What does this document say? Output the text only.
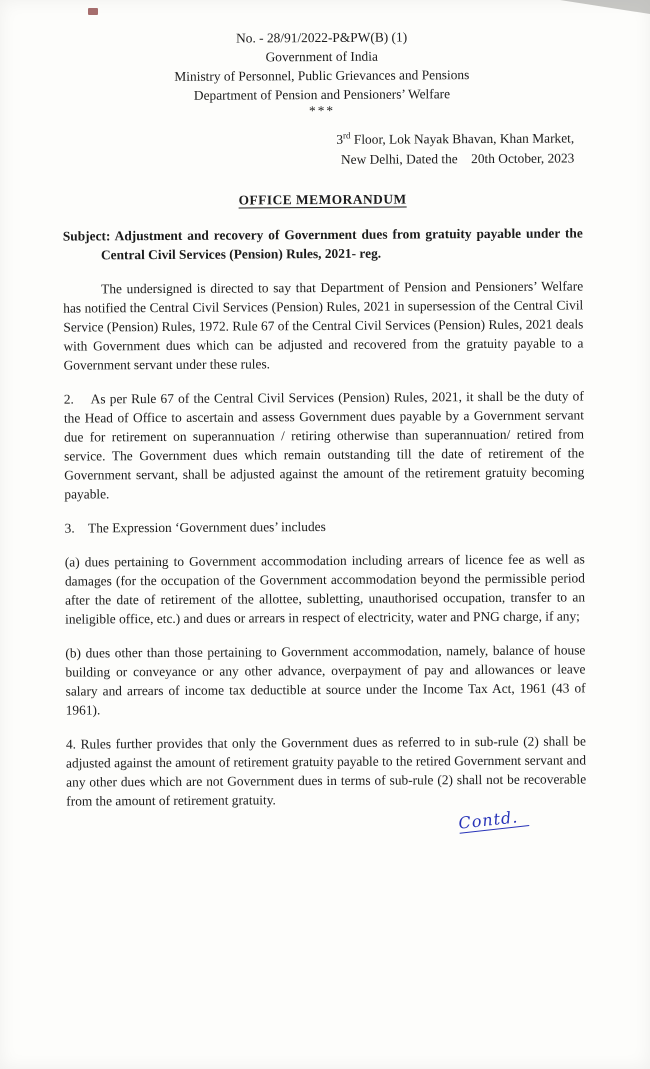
No. - 28/91/2022-P&PW(B) (1)
Government of India
Ministry of Personnel, Public Grievances and Pensions
Department of Pension and Pensioners’ Welfare
***
3rd Floor, Lok Nayak Bhavan, Khan Market,
New Delhi, Dated the 20th October, 2023
OFFICE MEMORANDUM
Subject: Adjustment and recovery of Government dues from gratuity payable under the Central Civil Services (Pension) Rules, 2021- reg.
The undersigned is directed to say that Department of Pension and Pensioners’ Welfare has notified the Central Civil Services (Pension) Rules, 2021 in supersession of the Central Civil Service (Pension) Rules, 1972. Rule 67 of the Central Civil Services (Pension) Rules, 2021 deals with Government dues which can be adjusted and recovered from the gratuity payable to a Government servant under these rules.
2.    As per Rule 67 of the Central Civil Services (Pension) Rules, 2021, it shall be the duty of the Head of Office to ascertain and assess Government dues payable by a Government servant due for retirement on superannuation / retiring otherwise than superannuation/ retired from service. The Government dues which remain outstanding till the date of retirement of the Government servant, shall be adjusted against the amount of the retirement gratuity becoming payable.
3.    The Expression ‘Government dues’ includes
(a) dues pertaining to Government accommodation including arrears of licence fee as well as damages (for the occupation of the Government accommodation beyond the permissible period after the date of retirement of the allottee, subletting, unauthorised occupation, transfer to an ineligible office, etc.) and dues or arrears in respect of electricity, water and PNG charge, if any;
(b) dues other than those pertaining to Government accommodation, namely, balance of house building or conveyance or any other advance, overpayment of pay and allowances or leave salary and arrears of income tax deductible at source under the Income Tax Act, 1961 (43 of 1961).
4. Rules further provides that only the Government dues as referred to in sub-rule (2) shall be adjusted against the amount of retirement gratuity payable to the retired Government servant and any other dues which are not Government dues in terms of sub-rule (2) shall not be recoverable from the amount of retirement gratuity.
Contd.
